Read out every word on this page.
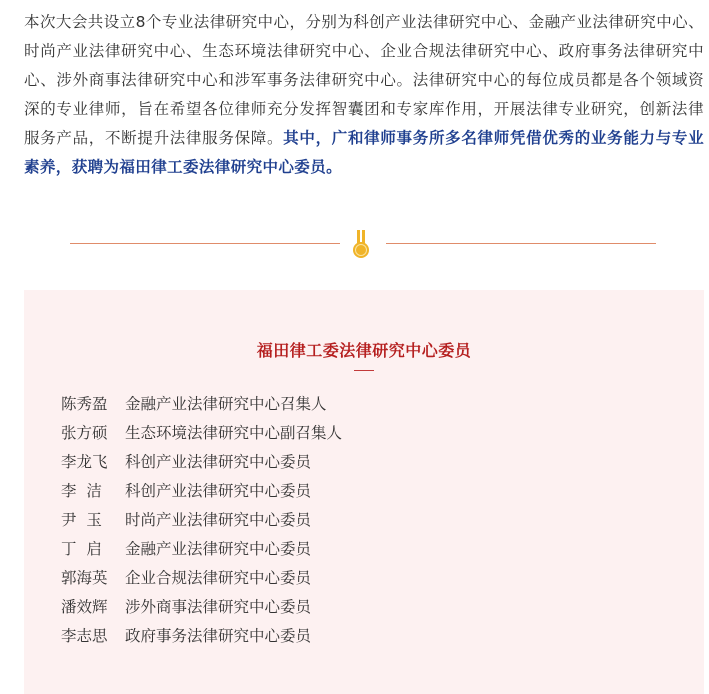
本次大会共设立8个专业法律研究中心，分别为科创产业法律研究中心、金融产业法律研究中心、时尚产业法律研究中心、生态环境法律研究中心、企业合规法律研究中心、政府事务法律研究中心、涉外商事法律研究中心和涉军事务法律研究中心。法律研究中心的每位成员都是各个领域资深的专业律师，旨在希望各位律师充分发挥智囊团和专家库作用，开展法律专业研究，创新法律服务产品，不断提升法律服务保障。其中，广和律师事务所多名律师凭借优秀的业务能力与专业素养，获聘为福田律工委法律研究中心委员。
福田律工委法律研究中心委员
陈秀盈 金融产业法律研究中心召集人
张方硕 生态环境法律研究中心副召集人
李龙飞 科创产业法律研究中心委员
李  洁 科创产业法律研究中心委员
尹  玉 时尚产业法律研究中心委员
丁  启 金融产业法律研究中心委员
郭海英 企业合规法律研究中心委员
潘效辉 涉外商事法律研究中心委员
李志思 政府事务法律研究中心委员
